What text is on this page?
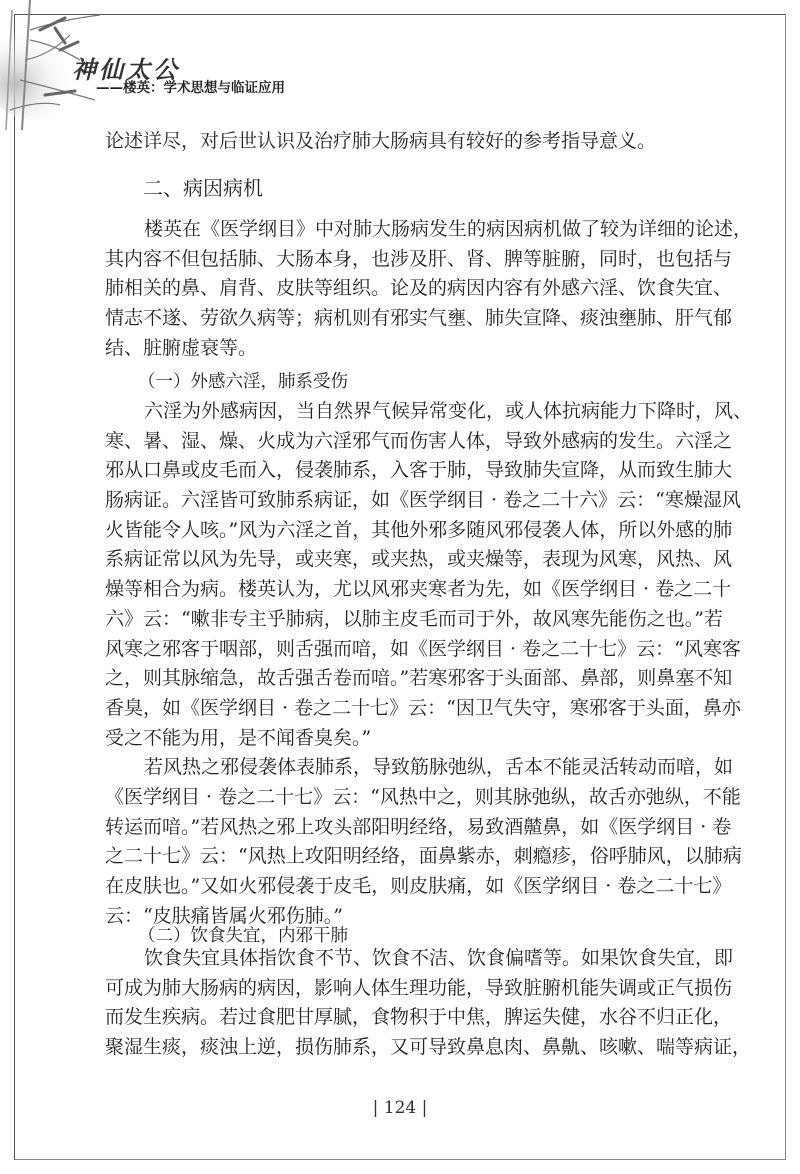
神仙太公
——楼英：学术思想与临证应用
论述详尽，对后世认识及治疗肺大肠病具有较好的参考指导意义。
二、病因病机
楼英在《医学纲目》中对肺大肠病发生的病因病机做了较为详细的论述，
其内容不但包括肺、大肠本身，也涉及肝、肾、脾等脏腑，同时，也包括与
肺相关的鼻、肩背、皮肤等组织。论及的病因内容有外感六淫、饮食失宜、
情志不遂、劳欲久病等；病机则有邪实气壅、肺失宣降、痰浊壅肺、肝气郁
结、脏腑虚衰等。
（一）外感六淫，肺系受伤
六淫为外感病因，当自然界气候异常变化，或人体抗病能力下降时，风、
寒、暑、湿、燥、火成为六淫邪气而伤害人体，导致外感病的发生。六淫之
邪从口鼻或皮毛而入，侵袭肺系，入客于肺，导致肺失宣降，从而致生肺大
肠病证。六淫皆可致肺系病证，如《医学纲目 · 卷之二十六》云：“寒燥湿风
火皆能令人咳。”风为六淫之首，其他外邪多随风邪侵袭人体，所以外感的肺
系病证常以风为先导，或夹寒，或夹热，或夹燥等，表现为风寒，风热、风
燥等相合为病。楼英认为，尤以风邪夹寒者为先，如《医学纲目 · 卷之二十
六》云：“嗽非专主乎肺病，以肺主皮毛而司于外，故风寒先能伤之也。”若
风寒之邪客于咽部，则舌强而喑，如《医学纲目 · 卷之二十七》云：“风寒客
之，则其脉缩急，故舌强舌卷而喑。”若寒邪客于头面部、鼻部，则鼻塞不知
香臭，如《医学纲目 · 卷之二十七》云：“因卫气失守，寒邪客于头面，鼻亦
受之不能为用，是不闻香臭矣。”
若风热之邪侵袭体表肺系，导致筋脉弛纵，舌本不能灵活转动而喑，如
《医学纲目 · 卷之二十七》云：“风热中之，则其脉弛纵，故舌亦弛纵，不能
转运而喑。”若风热之邪上攻头部阳明经络，易致酒齄鼻，如《医学纲目 · 卷
之二十七》云：“风热上攻阳明经络，面鼻紫赤，刺瘾疹，俗呼肺风，以肺病
在皮肤也。”又如火邪侵袭于皮毛，则皮肤痛，如《医学纲目 · 卷之二十七》
云：“皮肤痛皆属火邪伤肺。”
（二）饮食失宜，内邪干肺
饮食失宜具体指饮食不节、饮食不洁、饮食偏嗜等。如果饮食失宜，即
可成为肺大肠病的病因，影响人体生理功能，导致脏腑机能失调或正气损伤
而发生疾病。若过食肥甘厚腻，食物积于中焦，脾运失健，水谷不归正化，
聚湿生痰，痰浊上逆，损伤肺系，又可导致鼻息肉、鼻鼽、咳嗽、喘等病证，
| 124 |
